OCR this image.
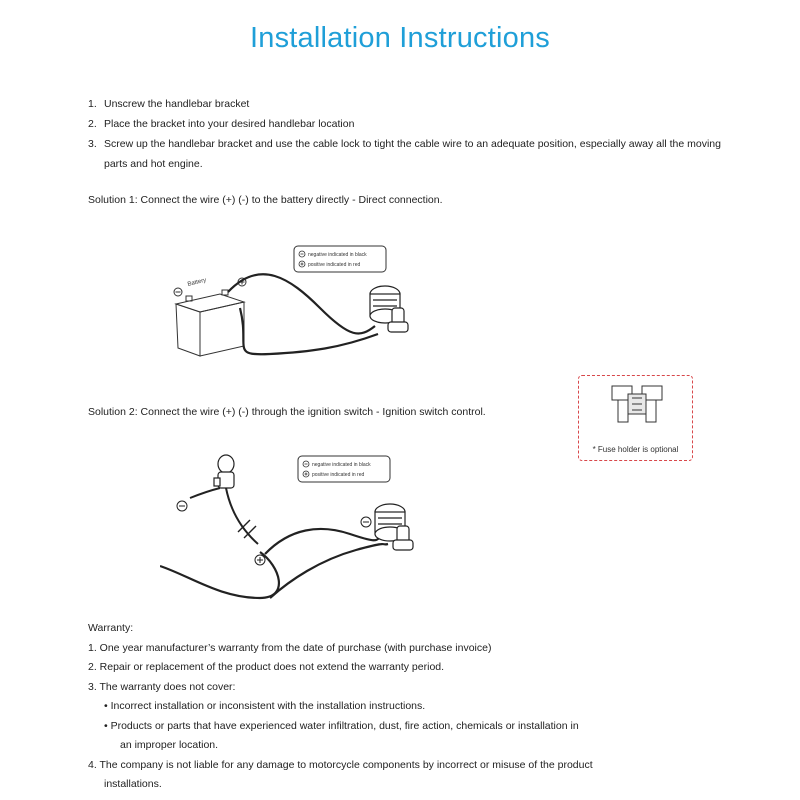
Installation Instructions
1. Unscrew the handlebar bracket
2. Place the bracket into your desired handlebar location
3. Screw up the handlebar bracket and use the cable lock to tight the cable wire to an adequate position, especially away all the moving parts and hot engine.
Solution 1: Connect the wire (+) (-) to the battery directly - Direct connection.
negative indicated in black
positive indicated in red
Battery
Solution 2: Connect the wire (+) (-) through the ignition switch - Ignition switch control.
* Fuse holder is optional
negative indicated in black
positive indicated in red
Warranty:
1. One year manufacturer’s warranty from the date of purchase (with purchase invoice)
2. Repair or replacement of the product does not extend the warranty period.
3. The warranty does not cover:
• Incorrect installation or inconsistent with the installation instructions.
• Products or parts that have experienced water infiltration, dust, fire action, chemicals or installation in
an improper location.
4. The company is not liable for any damage to motorcycle components by incorrect or misuse of the product
installations.
